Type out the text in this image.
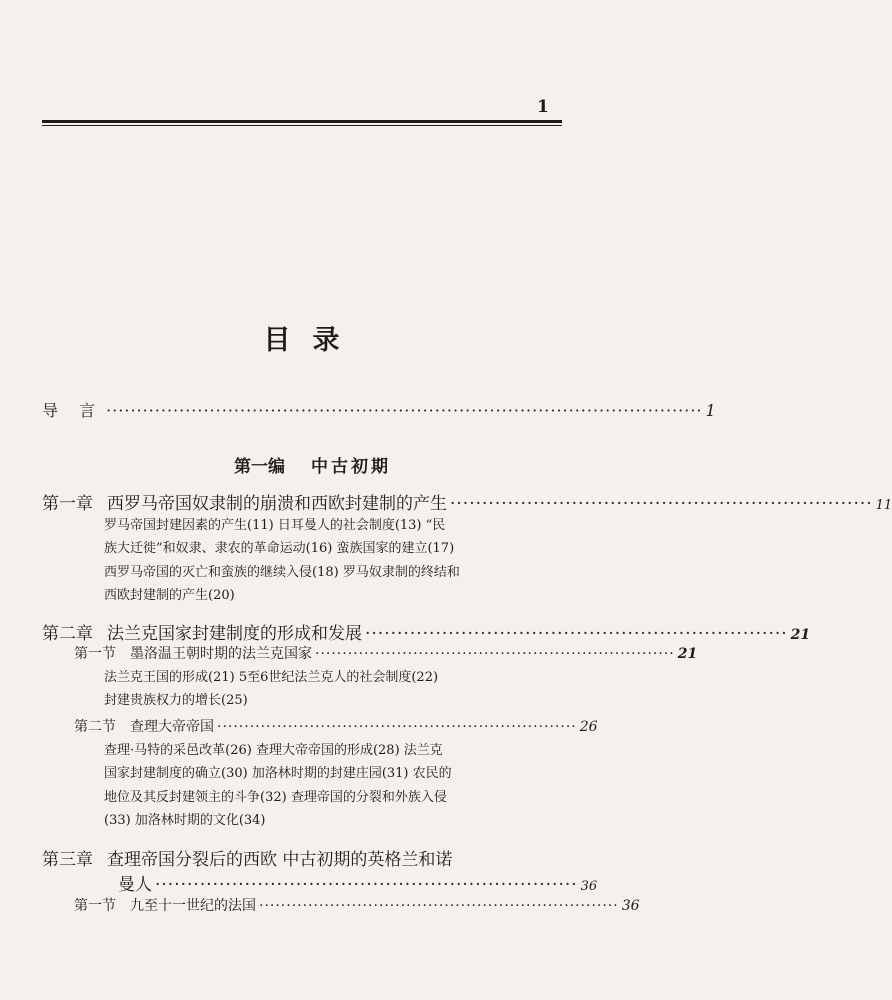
1
目录
导 言 ·································································································· 1
第一编 中古初期
第一章 西罗马帝国奴隶制的崩溃和西欧封建制的产生 ·································································· 11
罗马帝国封建因素的产生(11) 日耳曼人的社会制度(13) “民
族大迁徙”和奴隶、隶农的革命运动(16) 蛮族国家的建立(17)
西罗马帝国的灭亡和蛮族的继续入侵(18) 罗马奴隶制的终结和
西欧封建制的产生(20)
第二章 法兰克国家封建制度的形成和发展 ·································································· 21
第一节 墨洛温王朝时期的法兰克国家 ·································································· 21
法兰克王国的形成(21) 5至6世纪法兰克人的社会制度(22)
封建贵族权力的增长(25)
第二节 查理大帝帝国 ·································································· 26
查理·马特的采邑改革(26) 查理大帝帝国的形成(28) 法兰克
国家封建制度的确立(30) 加洛林时期的封建庄园(31) 农民的
地位及其反封建领主的斗争(32) 查理帝国的分裂和外族入侵
(33) 加洛林时期的文化(34)
第三章 查理帝国分裂后的西欧 中古初期的英格兰和诺
曼人 ·································································· 36
第一节 九至十一世纪的法国 ·································································· 36
